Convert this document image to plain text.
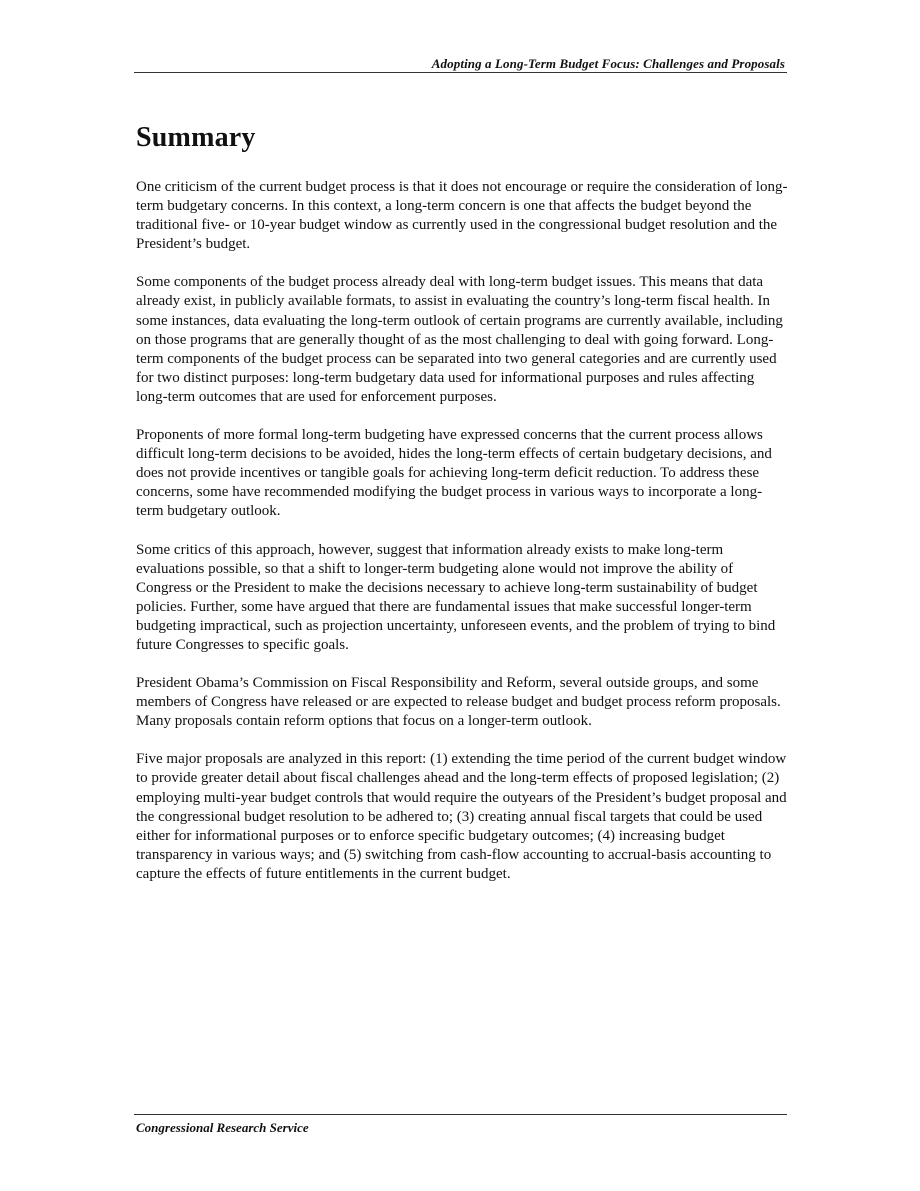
Adopting a Long-Term Budget Focus: Challenges and Proposals
Summary

One criticism of the current budget process is that it does not encourage or require the consideration of long-term budgetary concerns. In this context, a long-term concern is one that affects the budget beyond the traditional five- or 10-year budget window as currently used in the congressional budget resolution and the President’s budget.

Some components of the budget process already deal with long-term budget issues. This means that data already exist, in publicly available formats, to assist in evaluating the country’s long-term fiscal health. In some instances, data evaluating the long-term outlook of certain programs are currently available, including on those programs that are generally thought of as the most challenging to deal with going forward. Long-term components of the budget process can be separated into two general categories and are currently used for two distinct purposes: long-term budgetary data used for informational purposes and rules affecting long-term outcomes that are used for enforcement purposes.

Proponents of more formal long-term budgeting have expressed concerns that the current process allows difficult long-term decisions to be avoided, hides the long-term effects of certain budgetary decisions, and does not provide incentives or tangible goals for achieving long-term deficit reduction. To address these concerns, some have recommended modifying the budget process in various ways to incorporate a long-term budgetary outlook.

Some critics of this approach, however, suggest that information already exists to make long-term evaluations possible, so that a shift to longer-term budgeting alone would not improve the ability of Congress or the President to make the decisions necessary to achieve long-term sustainability of budget policies. Further, some have argued that there are fundamental issues that make successful longer-term budgeting impractical, such as projection uncertainty, unforeseen events, and the problem of trying to bind future Congresses to specific goals.

President Obama’s Commission on Fiscal Responsibility and Reform, several outside groups, and some members of Congress have released or are expected to release budget and budget process reform proposals. Many proposals contain reform options that focus on a longer-term outlook.

Five major proposals are analyzed in this report: (1) extending the time period of the current budget window to provide greater detail about fiscal challenges ahead and the long-term effects of proposed legislation; (2) employing multi-year budget controls that would require the outyears of the President’s budget proposal and the congressional budget resolution to be adhered to; (3) creating annual fiscal targets that could be used either for informational purposes or to enforce specific budgetary outcomes; (4) increasing budget transparency in various ways; and (5) switching from cash-flow accounting to accrual-basis accounting to capture the effects of future entitlements in the current budget.

Congressional Research Service
